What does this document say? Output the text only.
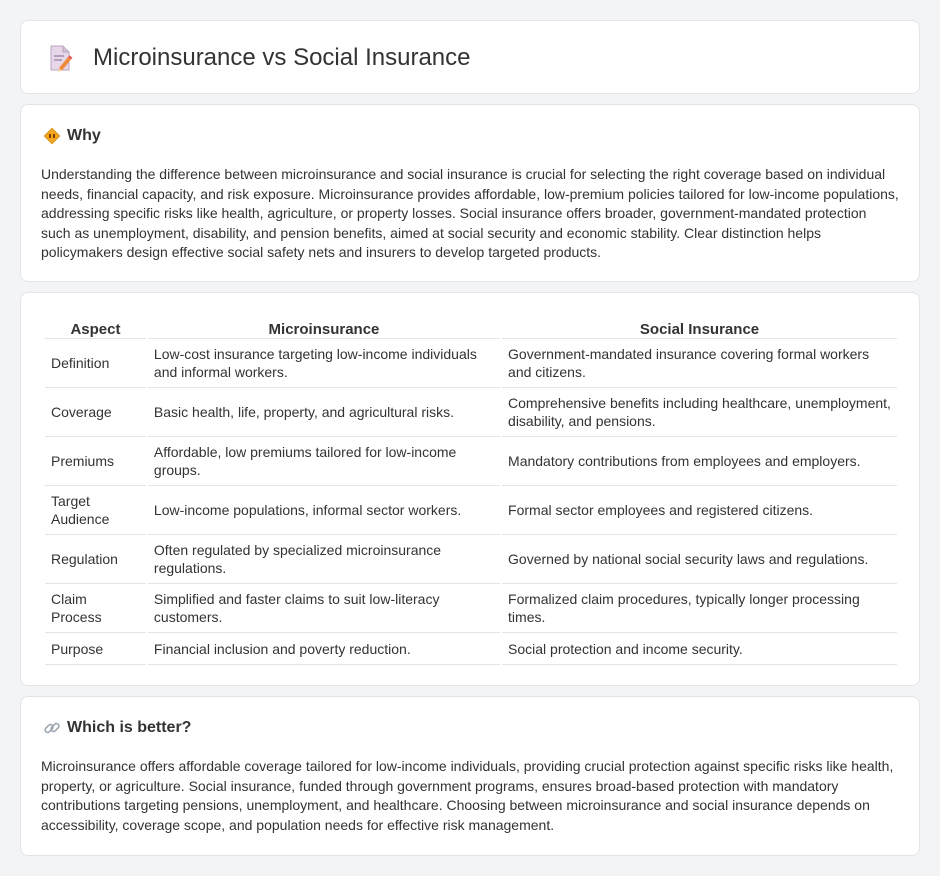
Microinsurance vs Social Insurance
Why

Understanding the difference between microinsurance and social insurance is crucial for selecting the right coverage based on individual needs, financial capacity, and risk exposure. Microinsurance provides affordable, low-premium policies tailored for low-income populations, addressing specific risks like health, agriculture, or property losses. Social insurance offers broader, government-mandated protection such as unemployment, disability, and pension benefits, aimed at social security and economic stability. Clear distinction helps policymakers design effective social safety nets and insurers to develop targeted products.

Aspect	Microinsurance	Social Insurance
Definition	Low-cost insurance targeting low-income individuals and informal workers.	Government-mandated insurance covering formal workers and citizens.
Coverage	Basic health, life, property, and agricultural risks.	Comprehensive benefits including healthcare, unemployment, disability, and pensions.
Premiums	Affordable, low premiums tailored for low-income groups.	Mandatory contributions from employees and employers.
Target Audience	Low-income populations, informal sector workers.	Formal sector employees and registered citizens.
Regulation	Often regulated by specialized microinsurance regulations.	Governed by national social security laws and regulations.
Claim Process	Simplified and faster claims to suit low-literacy customers.	Formalized claim procedures, typically longer processing times.
Purpose	Financial inclusion and poverty reduction.	Social protection and income security.
Which is better?

Microinsurance offers affordable coverage tailored for low-income individuals, providing crucial protection against specific risks like health, property, or agriculture. Social insurance, funded through government programs, ensures broad-based protection with mandatory contributions targeting pensions, unemployment, and healthcare. Choosing between microinsurance and social insurance depends on accessibility, coverage scope, and population needs for effective risk management.
